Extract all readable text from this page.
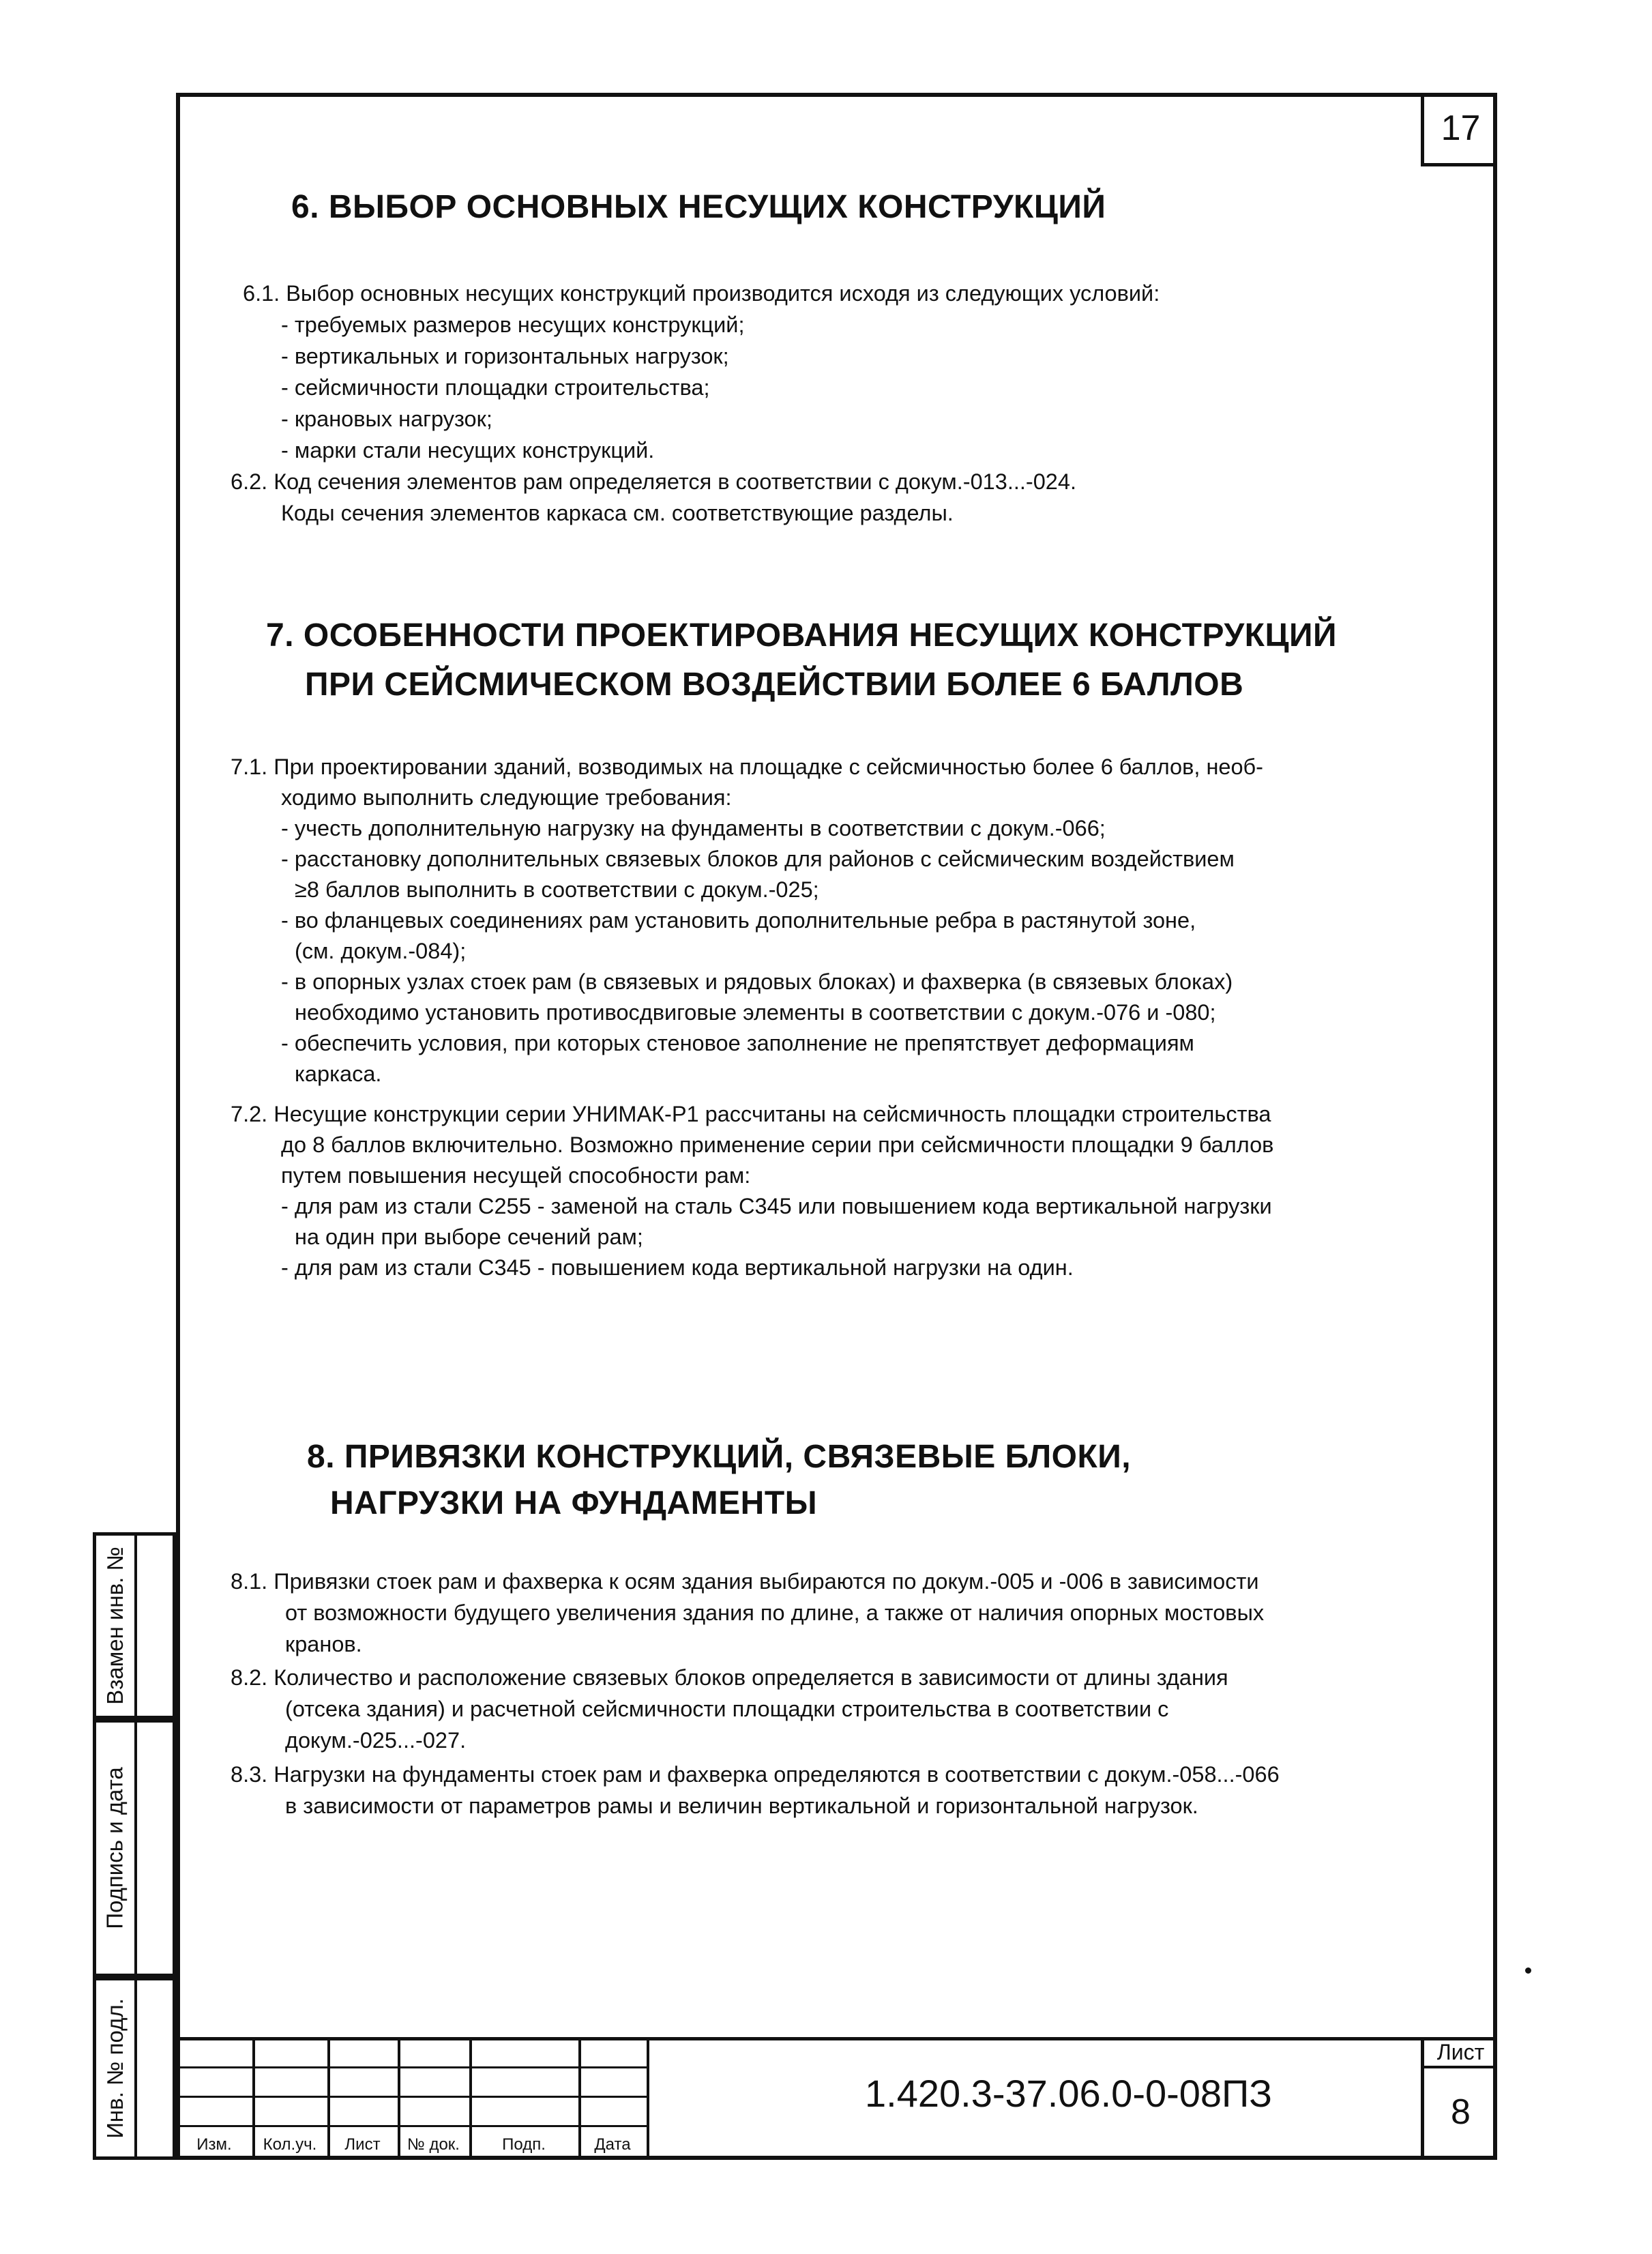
17
6. ВЫБОР ОСНОВНЫХ НЕСУЩИХ КОНСТРУКЦИЙ
6.1. Выбор основных несущих конструкций производится исходя из следующих условий:
- требуемых размеров несущих конструкций;
- вертикальных и горизонтальных нагрузок;
- сейсмичности площадки строительства;
- крановых нагрузок;
- марки стали несущих конструкций.
6.2. Код сечения элементов рам определяется в соответствии с докум.-013...-024.
Коды сечения элементов каркаса см. соответствующие разделы.
7. ОСОБЕННОСТИ ПРОЕКТИРОВАНИЯ НЕСУЩИХ КОНСТРУКЦИЙ
ПРИ СЕЙСМИЧЕСКОМ ВОЗДЕЙСТВИИ БОЛЕЕ 6 БАЛЛОВ
7.1. При проектировании зданий, возводимых на площадке с сейсмичностью более 6 баллов, необ-
ходимо выполнить следующие требования:
- учесть дополнительную нагрузку на фундаменты в соответствии с докум.-066;
- расстановку дополнительных связевых блоков для районов с сейсмическим воздействием
≥8 баллов выполнить в соответствии с докум.-025;
- во фланцевых соединениях рам установить дополнительные ребра в растянутой зоне,
(см. докум.-084);
- в опорных узлах стоек рам (в связевых и рядовых блоках) и фахверка (в связевых блоках)
необходимо установить противосдвиговые элементы в соответствии с докум.-076 и -080;
- обеспечить условия, при которых стеновое заполнение не препятствует деформациям
каркаса.
7.2. Несущие конструкции серии УНИМАК-Р1 рассчитаны на сейсмичность площадки строительства
до 8 баллов включительно. Возможно применение серии при сейсмичности площадки 9 баллов
путем повышения несущей способности рам:
- для рам из стали С255 - заменой на сталь С345 или повышением кода вертикальной нагрузки
на один при выборе сечений рам;
- для рам из стали С345 - повышением кода вертикальной нагрузки на один.
8. ПРИВЯЗКИ КОНСТРУКЦИЙ, СВЯЗЕВЫЕ БЛОКИ,
НАГРУЗКИ НА ФУНДАМЕНТЫ
8.1. Привязки стоек рам и фахверка к осям здания выбираются по докум.-005 и -006 в зависимости
от возможности будущего увеличения здания по длине, а также от наличия опорных мостовых
кранов.
8.2. Количество и расположение связевых блоков определяется в зависимости от длины здания
(отсека здания) и расчетной сейсмичности площадки строительства в соответствии с
докум.-025...-027.
8.3. Нагрузки на фундаменты стоек рам и фахверка определяются в соответствии с докум.-058...-066
в зависимости от параметров рамы и величин вертикальной и горизонтальной нагрузок.
Взамен инв. №
Подпись и дата
Инв. № подл.
Изм.	Кол.уч.	Лист	№ док.	Подп.	Дата
1.420.3-37.06.0-0-08ПЗ
Лист
8
